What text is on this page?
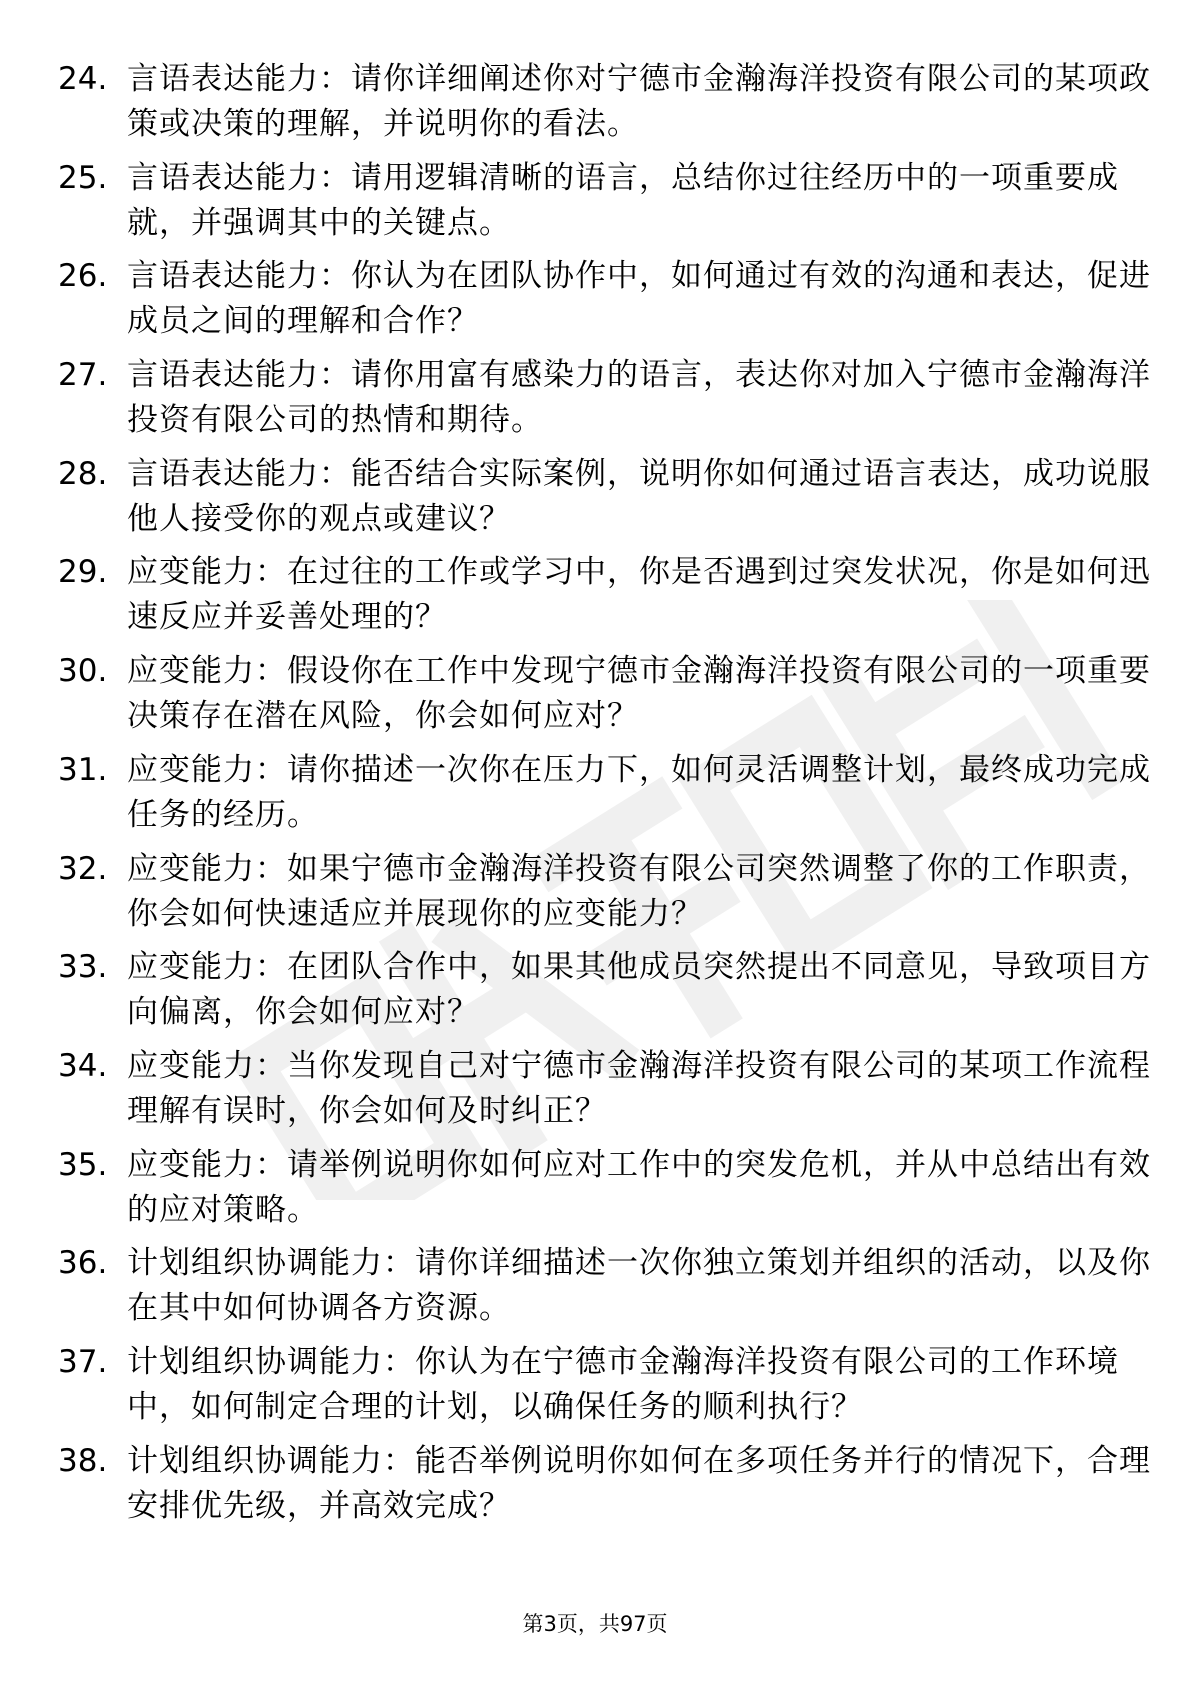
24. 言语表达能力：请你详细阐述你对宁德市金瀚海洋投资有限公司的某项政策或决策的理解，并说明你的看法。
25. 言语表达能力：请用逻辑清晰的语言，总结你过往经历中的一项重要成就，并强调其中的关键点。
26. 言语表达能力：你认为在团队协作中，如何通过有效的沟通和表达，促进成员之间的理解和合作？
27. 言语表达能力：请你用富有感染力的语言，表达你对加入宁德市金瀚海洋投资有限公司的热情和期待。
28. 言语表达能力：能否结合实际案例，说明你如何通过语言表达，成功说服他人接受你的观点或建议？
29. 应变能力：在过往的工作或学习中，你是否遇到过突发状况，你是如何迅速反应并妥善处理的？
30. 应变能力：假设你在工作中发现宁德市金瀚海洋投资有限公司的一项重要决策存在潜在风险，你会如何应对？
31. 应变能力：请你描述一次你在压力下，如何灵活调整计划，最终成功完成任务的经历。
32. 应变能力：如果宁德市金瀚海洋投资有限公司突然调整了你的工作职责，你会如何快速适应并展现你的应变能力？
33. 应变能力：在团队合作中，如果其他成员突然提出不同意见，导致项目方向偏离，你会如何应对？
34. 应变能力：当你发现自己对宁德市金瀚海洋投资有限公司的某项工作流程理解有误时，你会如何及时纠正？
35. 应变能力：请举例说明你如何应对工作中的突发危机，并从中总结出有效的应对策略。
36. 计划组织协调能力：请你详细描述一次你独立策划并组织的活动，以及你在其中如何协调各方资源。
37. 计划组织协调能力：你认为在宁德市金瀚海洋投资有限公司的工作环境中，如何制定合理的计划，以确保任务的顺利执行？
38. 计划组织协调能力：能否举例说明你如何在多项任务并行的情况下，合理安排优先级，并高效完成？
第3页，共97页
